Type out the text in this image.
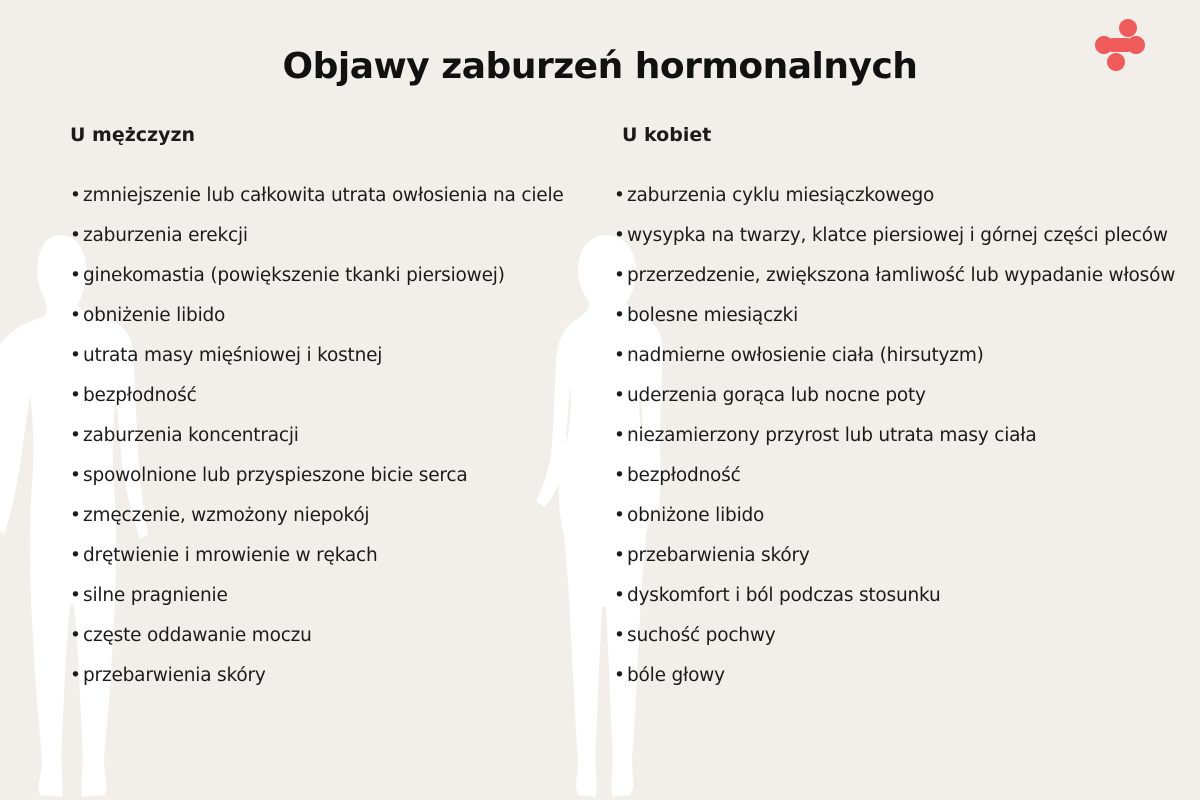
Objawy zaburzeń hormonalnych
U mężczyzn
• zmniejszenie lub całkowita utrata owłosienia na ciele
• zaburzenia erekcji
• ginekomastia (powiększenie tkanki piersiowej)
• obniżenie libido
• utrata masy mięśniowej i kostnej
• bezpłodność
• zaburzenia koncentracji
• spowolnione lub przyspieszone bicie serca
• zmęczenie, wzmożony niepokój
• drętwienie i mrowienie w rękach
• silne pragnienie
• częste oddawanie moczu
• przebarwienia skóry
U kobiet
• zaburzenia cyklu miesiączkowego
• wysypka na twarzy, klatce piersiowej i górnej części pleców
• przerzedzenie, zwiększona łamliwość lub wypadanie włosów
• bolesne miesiączki
• nadmierne owłosienie ciała (hirsutyzm)
• uderzenia gorąca lub nocne poty
• niezamierzony przyrost lub utrata masy ciała
• bezpłodność
• obniżone libido
• przebarwienia skóry
• dyskomfort i ból podczas stosunku
• suchość pochwy
• bóle głowy
